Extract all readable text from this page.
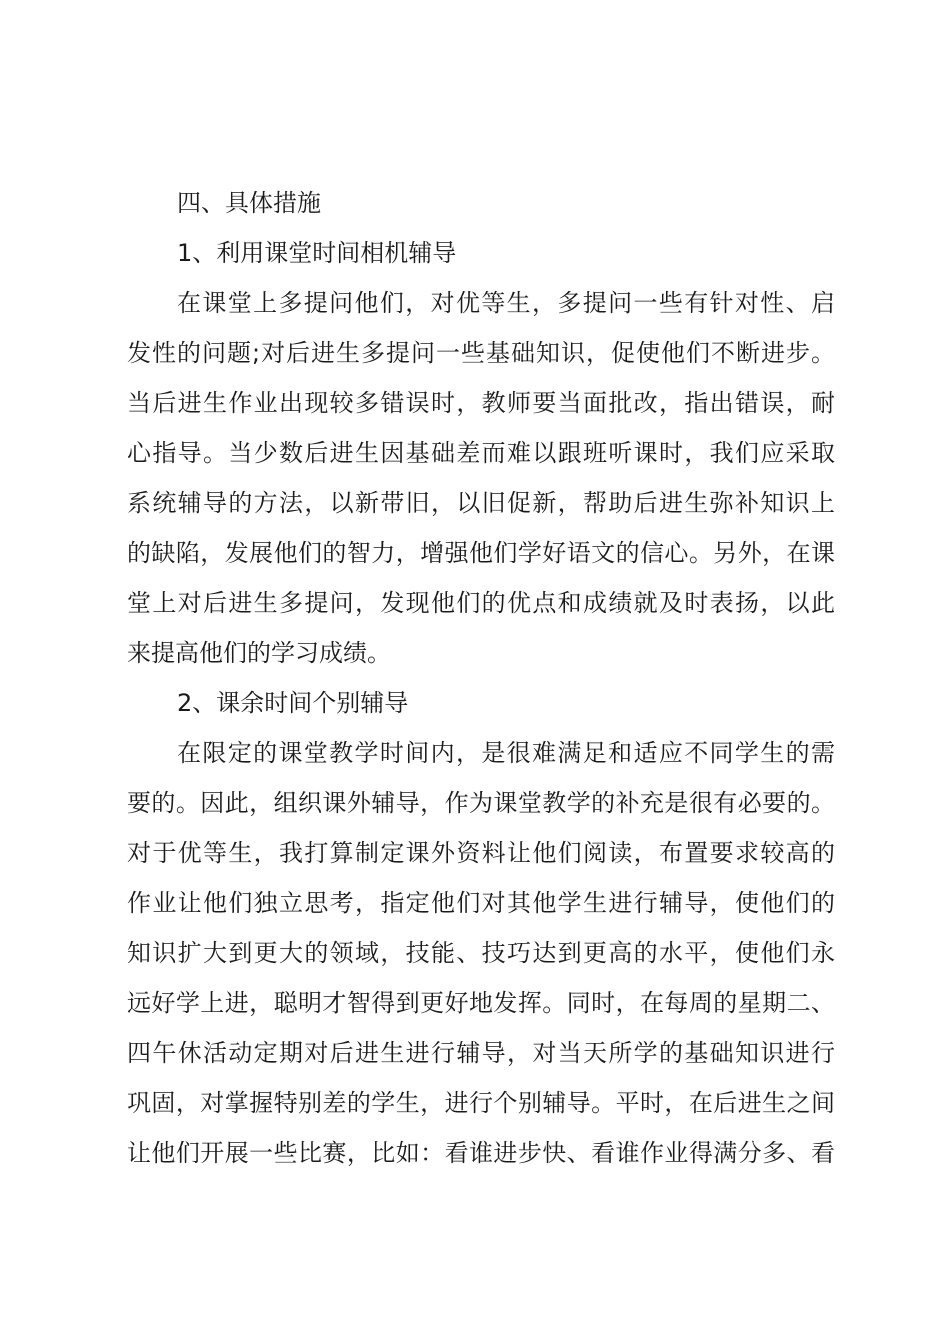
四、具体措施
1、利用课堂时间相机辅导
在课堂上多提问他们，对优等生，多提问一些有针对性、启
发性的问题;对后进生多提问一些基础知识，促使他们不断进步。
当后进生作业出现较多错误时，教师要当面批改，指出错误，耐
心指导。当少数后进生因基础差而难以跟班听课时，我们应采取
系统辅导的方法，以新带旧，以旧促新，帮助后进生弥补知识上
的缺陷，发展他们的智力，增强他们学好语文的信心。另外，在课
堂上对后进生多提问，发现他们的优点和成绩就及时表扬，以此
来提高他们的学习成绩。
2、课余时间个别辅导
在限定的课堂教学时间内，是很难满足和适应不同学生的需
要的。因此，组织课外辅导，作为课堂教学的补充是很有必要的。
对于优等生，我打算制定课外资料让他们阅读，布置要求较高的
作业让他们独立思考，指定他们对其他学生进行辅导，使他们的
知识扩大到更大的领域，技能、技巧达到更高的水平，使他们永
远好学上进，聪明才智得到更好地发挥。同时，在每周的星期二、
四午休活动定期对后进生进行辅导，对当天所学的基础知识进行
巩固，对掌握特别差的学生，进行个别辅导。平时，在后进生之间
让他们开展一些比赛，比如：看谁进步快、看谁作业得满分多、看
